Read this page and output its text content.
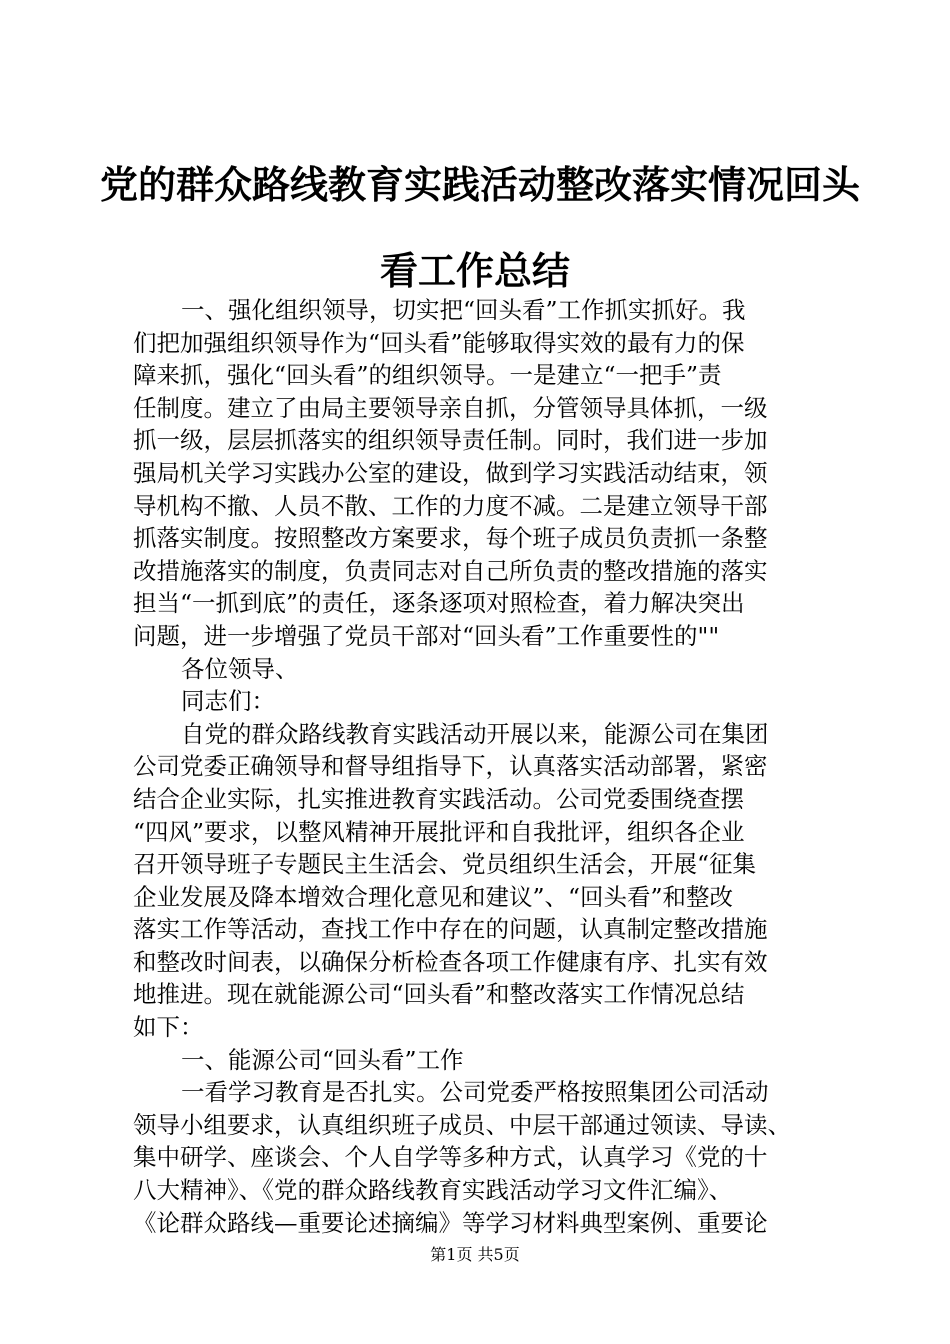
党的群众路线教育实践活动整改落实情况回头
看工作总结
一、强化组织领导，切实把“回头看”工作抓实抓好。我
们把加强组织领导作为“回头看”能够取得实效的最有力的保
障来抓，强化“回头看”的组织领导。一是建立“一把手”责
任制度。建立了由局主要领导亲自抓，分管领导具体抓，一级
抓一级，层层抓落实的组织领导责任制。同时，我们进一步加
强局机关学习实践办公室的建设，做到学习实践活动结束，领
导机构不撤、人员不散、工作的力度不减。二是建立领导干部
抓落实制度。按照整改方案要求，每个班子成员负责抓一条整
改措施落实的制度，负责同志对自己所负责的整改措施的落实
担当“一抓到底”的责任，逐条逐项对照检查，着力解决突出
问题，进一步增强了党员干部对“回头看”工作重要性的""
各位领导、
同志们：
自党的群众路线教育实践活动开展以来，能源公司在集团
公司党委正确领导和督导组指导下，认真落实活动部署，紧密
结合企业实际，扎实推进教育实践活动。公司党委围绕查摆
“四风”要求，以整风精神开展批评和自我批评，组织各企业
召开领导班子专题民主生活会、党员组织生活会，开展“征集
企业发展及降本增效合理化意见和建议”、“回头看”和整改
落实工作等活动，查找工作中存在的问题，认真制定整改措施
和整改时间表，以确保分析检查各项工作健康有序、扎实有效
地推进。现在就能源公司“回头看”和整改落实工作情况总结
如下：
一、能源公司“回头看”工作
一看学习教育是否扎实。公司党委严格按照集团公司活动
领导小组要求，认真组织班子成员、中层干部通过领读、导读、
集中研学、座谈会、个人自学等多种方式，认真学习《党的十
八大精神》、《党的群众路线教育实践活动学习文件汇编》、
《论群众路线—重要论述摘编》等学习材料典型案例、重要论
第1页 共5页
